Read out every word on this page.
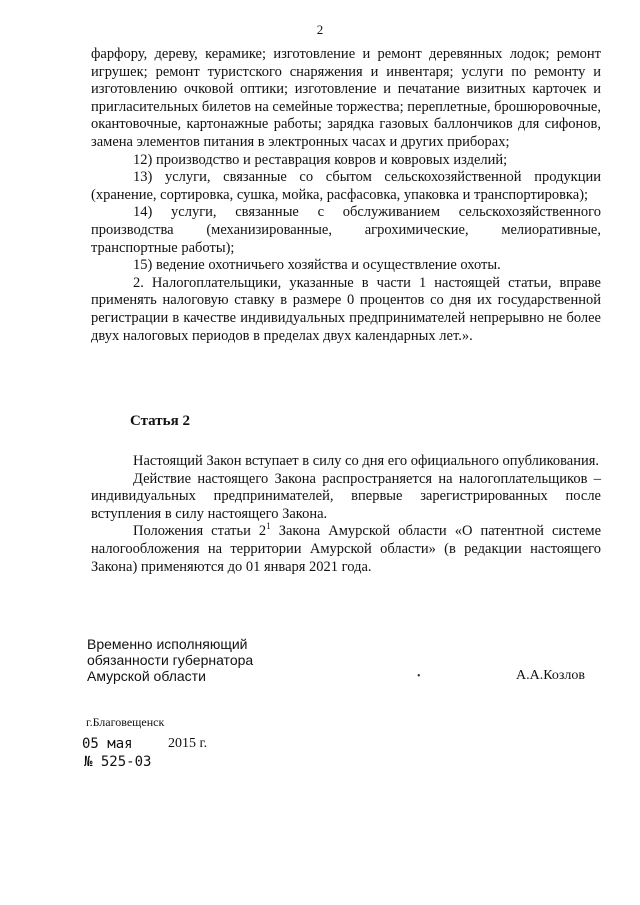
2

фарфору, дереву, керамике; изготовление и ремонт деревянных лодок; ремонт игрушек; ремонт туристского снаряжения и инвентаря; услуги по ремонту и изготовлению очковой оптики; изготовление и печатание визитных карточек и пригласительных билетов на семейные торжества; переплетные, брошюровочные, окантовочные, картонажные работы; зарядка газовых баллончиков для сифонов, замена элементов питания в электронных часах и других приборах;

12) производство и реставрация ковров и ковровых изделий;

13) услуги, связанные со сбытом сельскохозяйственной продукции (хранение, сортировка, сушка, мойка, расфасовка, упаковка и транспортировка);

14) услуги, связанные с обслуживанием сельскохозяйственного производства (механизированные, агрохимические, мелиоративные, транспортные работы);

15) ведение охотничьего хозяйства и осуществление охоты.

2. Налогоплательщики, указанные в части 1 настоящей статьи, вправе применять налоговую ставку в размере 0 процентов со дня их государственной регистрации в качестве индивидуальных предпринимателей непрерывно не более двух налоговых периодов в пределах двух календарных лет.».

Статья 2

Настоящий Закон вступает в силу со дня его официального опубликования.

Действие настоящего Закона распространяется на налогоплательщиков – индивидуальных предпринимателей, впервые зарегистрированных после вступления в силу настоящего Закона.

Положения статьи $2^1$ Закона Амурской области «О патентной системе налогообложения на территории Амурской области» (в редакции настоящего Закона) применяются до 01 января 2021 года.

Временно исполняющий
обязанности губернатора
Амурской области	•	А.А.Козлов
г.Благовещенск
05 мая	2015 г.
№ 525-03
